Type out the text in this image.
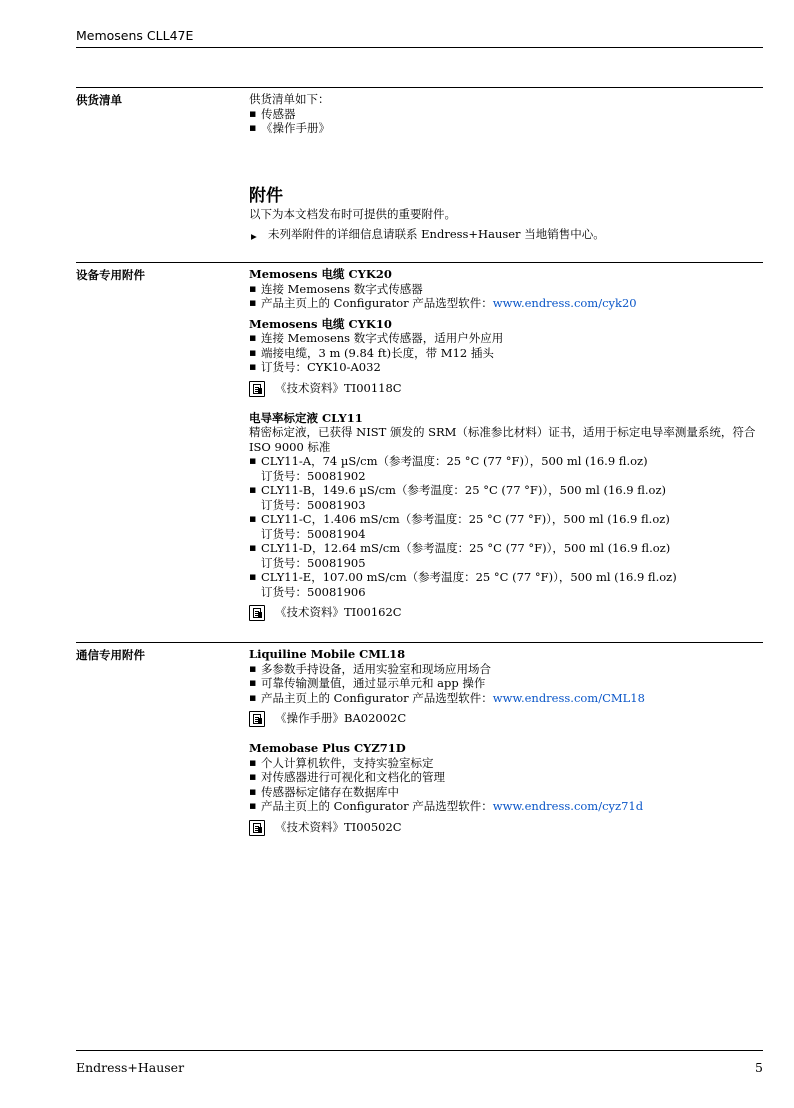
Memosens CLL47E
供货清单	供货清单如下：

▪ 传感器

▪ 《操作手册》

附件

以下为本文档发布时可提供的重要附件。

▶ 未列举附件的详细信息请联系 Endress+Hauser 当地销售中心。

设备专用附件	Memosens 电缆 CYK20

▪ 连接 Memosens 数字式传感器

▪ 产品主页上的 Configurator 产品选型软件：www.endress.com/cyk20

Memosens 电缆 CYK10

▪ 连接 Memosens 数字式传感器，适用户外应用

▪ 端接电缆，3 m (9.84 ft)长度，带 M12 插头

▪ 订货号：CYK10-A032

《技术资料》TI00118C

电导率标定液 CLY11

精密标定液，已获得 NIST 颁发的 SRM（标准参比材料）证书，适用于标定电导率测量系统，符合 ISO 9000 标准

▪ CLY11-A，74 µS/cm（参考温度：25 °C (77 °F)），500 ml (16.9 fl.oz)

订货号：50081902

▪ CLY11-B，149.6 µS/cm（参考温度：25 °C (77 °F)），500 ml (16.9 fl.oz)

订货号：50081903

▪ CLY11-C，1.406 mS/cm（参考温度：25 °C (77 °F)），500 ml (16.9 fl.oz)

订货号：50081904

▪ CLY11-D，12.64 mS/cm（参考温度：25 °C (77 °F)），500 ml (16.9 fl.oz)

订货号：50081905

▪ CLY11-E，107.00 mS/cm（参考温度：25 °C (77 °F)），500 ml (16.9 fl.oz)

订货号：50081906

《技术资料》TI00162C
通信专用附件	Liquiline Mobile CML18

▪ 多参数手持设备，适用实验室和现场应用场合

▪ 可靠传输测量值，通过显示单元和 app 操作

▪ 产品主页上的 Configurator 产品选型软件：www.endress.com/CML18

《操作手册》BA02002C

Memobase Plus CYZ71D

▪ 个人计算机软件，支持实验室标定

▪ 对传感器进行可视化和文档化的管理

▪ 传感器标定储存在数据库中

▪ 产品主页上的 Configurator 产品选型软件：www.endress.com/cyz71d

《技术资料》TI00502C
Endress+Hauser	5
